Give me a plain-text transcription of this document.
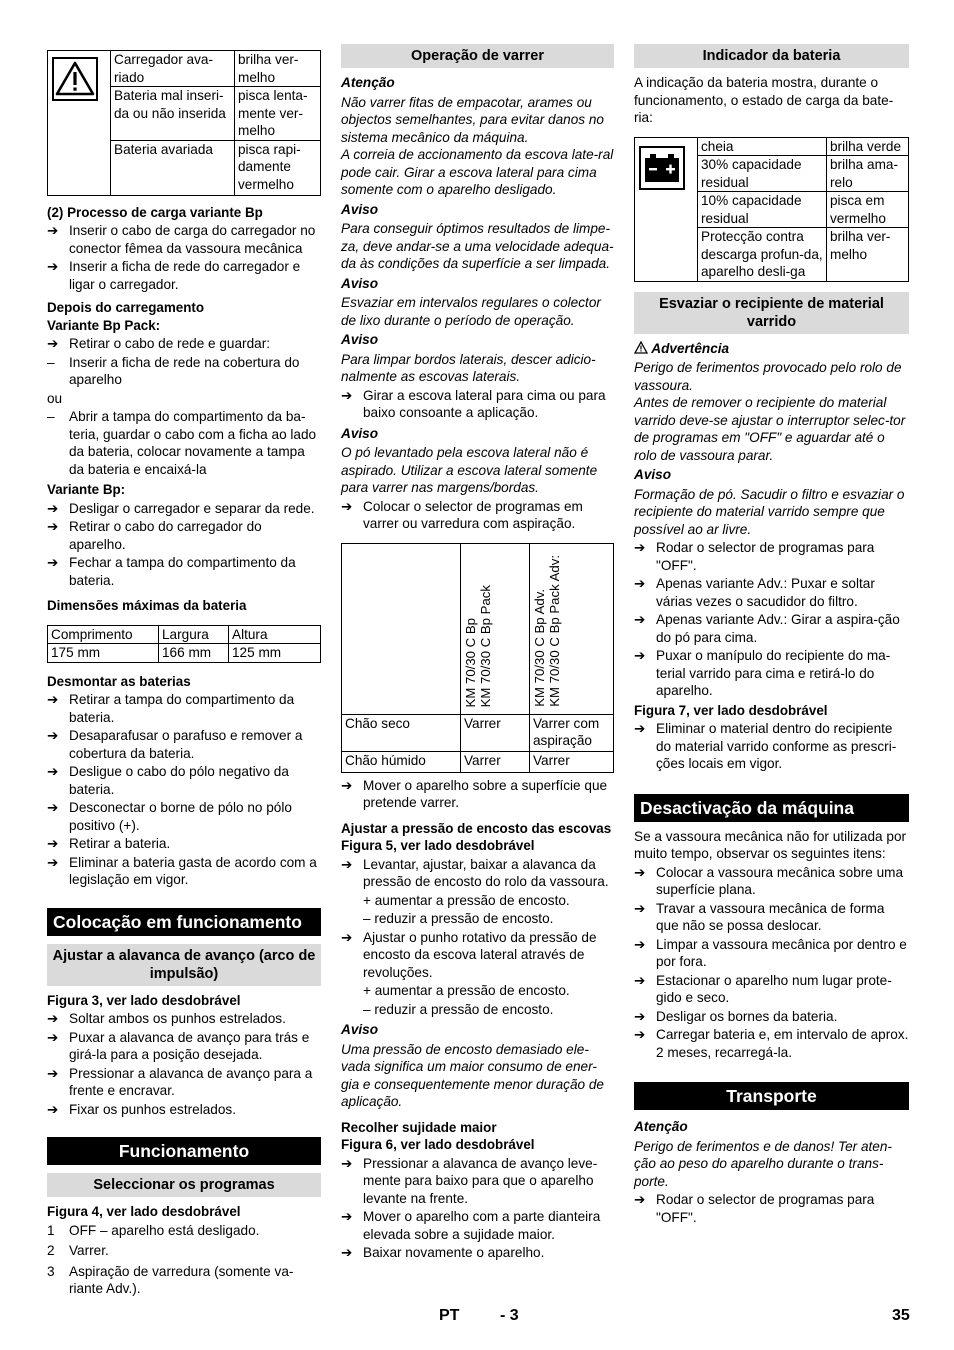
	Carregador ava-riado	brilha ver-melho
	Bateria mal inseri-da ou não inserida	pisca lenta-mente ver-melho
	Bateria avariada	pisca rapi-damente vermelho
(2) Processo de carga variante Bp
➔ Inserir o cabo de carga do carregador no conector fêmea da vassoura mecânica
➔ Inserir a ficha de rede do carregador e ligar o carregador.
Depois do carregamento
Variante Bp Pack:
➔ Retirar o cabo de rede e guardar:
– Inserir a ficha de rede na cobertura do aparelho

ou

– Abrir a tampa do compartimento da ba-teria, guardar o cabo com a ficha ao lado da bateria, colocar novamente a tampa da bateria e encaixá-la
Variante Bp:
➔ Desligar o carregador e separar da rede.
➔ Retirar o cabo do carregador do aparelho.
➔ Fechar a tampa do compartimento da bateria.
Dimensões máximas da bateria
Comprimento	Largura	Altura
175 mm	166 mm	125 mm
Desmontar as baterias
➔ Retirar a tampa do compartimento da bateria.
➔ Desaparafusar o parafuso e remover a cobertura da bateria.
➔ Desligue o cabo do pólo negativo da bateria.
➔ Desconectar o borne de pólo no pólo positivo (+).
➔ Retirar a bateria.
➔ Eliminar a bateria gasta de acordo com a legislação em vigor.
Colocação em funcionamento
Ajustar a alavanca de avanço (arco de impulsão)
Figura 3, ver lado desdobrável
➔ Soltar ambos os punhos estrelados.
➔ Puxar a alavanca de avanço para trás e girá-la para a posição desejada.
➔ Pressionar a alavanca de avanço para a frente e encravar.
➔ Fixar os punhos estrelados.
Funcionamento
Seleccionar os programas
Figura 4, ver lado desdobrável
1 OFF – aparelho está desligado.
2 Varrer.
3 Aspiração de varredura (somente va-riante Adv.).
Operação de varrer
Atenção

Não varrer fitas de empacotar, arames ou objectos semelhantes, para evitar danos no sistema mecânico da máquina.

A correia de accionamento da escova late-ral pode cair. Girar a escova lateral para cima somente com o aparelho desligado.

Aviso

Para conseguir óptimos resultados de limpe-za, deve andar-se a uma velocidade adequa-da às condições da superfície a ser limpada.

Aviso

Esvaziar em intervalos regulares o colector de lixo durante o período de operação.

Aviso

Para limpar bordos laterais, descer adicio-nalmente as escovas laterais.

➔ Girar a escova lateral para cima ou para baixo consoante a aplicação.
Aviso

O pó levantado pela escova lateral não é aspirado. Utilizar a escova lateral somente para varrer nas margens/bordas.

➔ Colocar o selector de programas em varrer ou varredura com aspiração.
	KM 70/30 C BpKM 70/30 C Bp Pack	KM 70/30 C Bp Adv.KM 70/30 C Bp Pack Adv:
Chão seco	Varrer	Varrer com aspiração
Chão húmido	Varrer	Varrer
➔ Mover o aparelho sobre a superfície que pretende varrer.
Ajustar a pressão de encosto das escovas
Figura 5, ver lado desdobrável
➔ Levantar, ajustar, baixar a alavanca da pressão de encosto do rolo da vassoura.
+ aumentar a pressão de encosto.
– reduzir a pressão de encosto.
➔ Ajustar o punho rotativo da pressão de encosto da escova lateral através de revoluções.
+ aumentar a pressão de encosto.
– reduzir a pressão de encosto.
Aviso

Uma pressão de encosto demasiado ele-vada significa um maior consumo de ener-gia e consequentemente menor duração de aplicação.

Recolher sujidade maior
Figura 6, ver lado desdobrável
➔ Pressionar a alavanca de avanço leve-mente para baixo para que o aparelho levante na frente.
➔ Mover o aparelho com a parte dianteira elevada sobre a sujidade maior.
➔ Baixar novamente o aparelho.
Indicador da bateria

A indicação da bateria mostra, durante o funcionamento, o estado de carga da bate-ria:

	cheia	brilha verde
	30% capacidade residual	brilha ama-relo
	10% capacidade residual	pisca em vermelho
	Protecção contra descarga profun-da, aparelho desli-ga	brilha ver-melho
Esvaziar o recipiente de material varrido
Advertência

Perigo de ferimentos provocado pelo rolo de vassoura.

Antes de remover o recipiente do material varrido deve-se ajustar o interruptor selec-tor de programas em "OFF" e aguardar até o rolo de vassoura parar.

Aviso

Formação de pó. Sacudir o filtro e esvaziar o recipiente do material varrido sempre que possível ao ar livre.

➔ Rodar o selector de programas para "OFF".
➔ Apenas variante Adv.: Puxar e soltar várias vezes o sacudidor do filtro.
➔ Apenas variante Adv.: Girar a aspira-ção do pó para cima.
➔ Puxar o manípulo do recipiente do ma-terial varrido para cima e retirá-lo do aparelho.
Figura 7, ver lado desdobrável
➔ Eliminar o material dentro do recipiente do material varrido conforme as prescri-ções locais em vigor.
Desactivação da máquina

Se a vassoura mecânica não for utilizada por muito tempo, observar os seguintes itens:

➔ Colocar a vassoura mecânica sobre uma superfície plana.
➔ Travar a vassoura mecânica de forma que não se possa deslocar.
➔ Limpar a vassoura mecânica por dentro e por fora.
➔ Estacionar o aparelho num lugar prote-gido e seco.
➔ Desligar os bornes da bateria.
➔ Carregar bateria e, em intervalo de aprox. 2 meses, recarregá-la.
Transporte
Atenção

Perigo de ferimentos e de danos! Ter aten-ção ao peso do aparelho durante o trans-porte.

➔ Rodar o selector de programas para "OFF".
PT	- 3	35
